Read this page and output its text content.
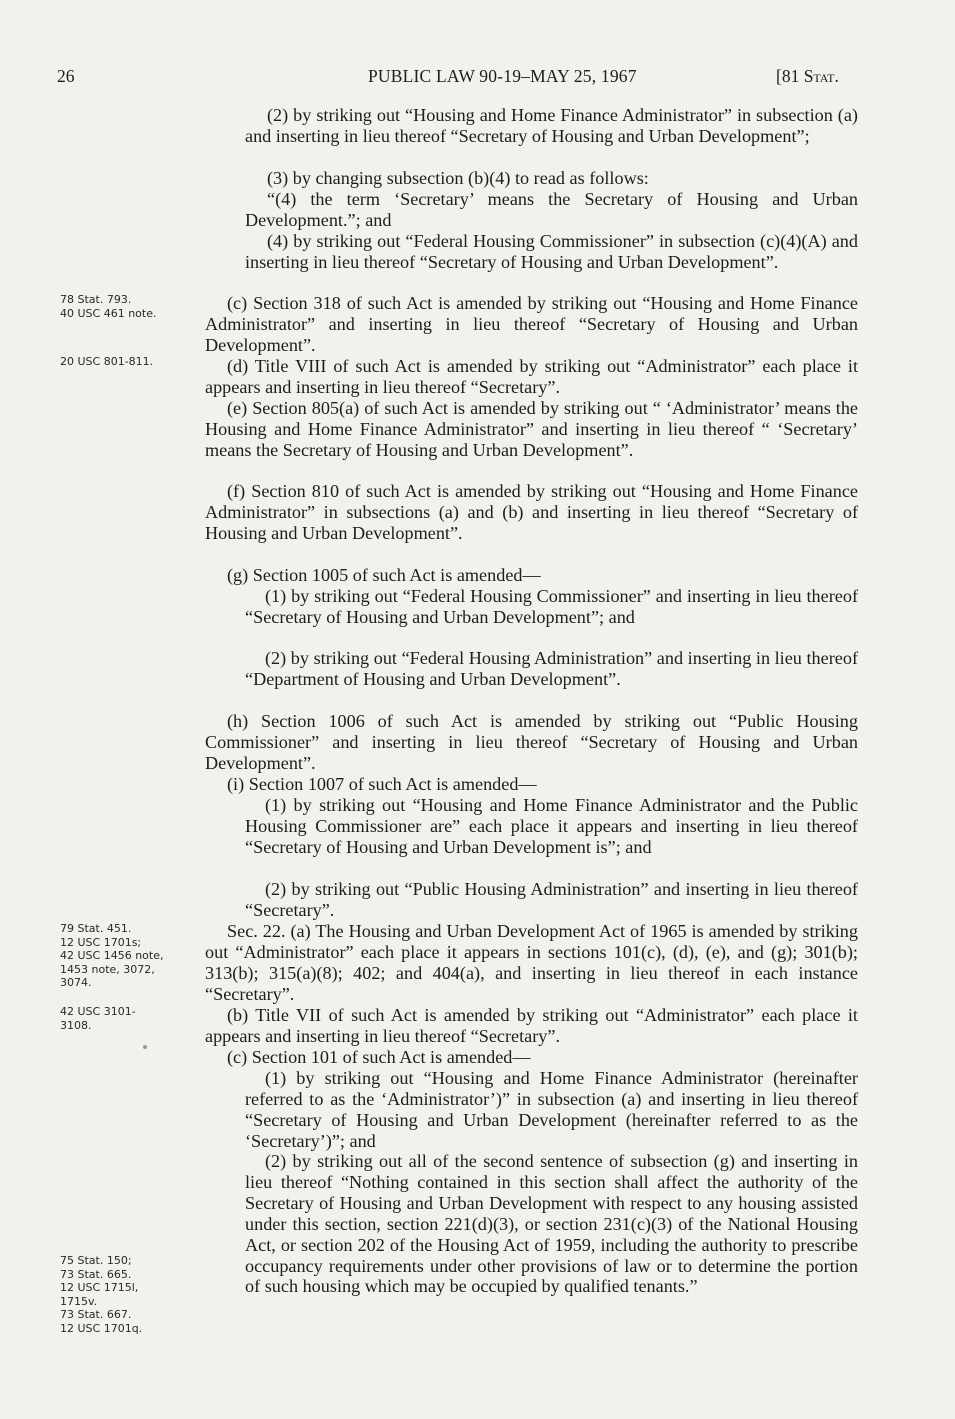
26	PUBLIC LAW 90-19–MAY 25, 1967	[81 Stat.
78 Stat. 793.
40 USC 461 note.
20 USC 801-811.
79 Stat. 451.
12 USC 1701s;
42 USC 1456 note,
1453 note, 3072,
3074.
42 USC 3101-
3108.
75 Stat. 150;
73 Stat. 665.
12 USC 1715l,
1715v.
73 Stat. 667.
12 USC 1701q.
(2) by striking out “Housing and Home Finance Administrator” in subsection (a) and inserting in lieu thereof “Secretary of Housing and Urban Development”;
(3) by changing subsection (b)(4) to read as follows:
“(4) the term ‘Secretary’ means the Secretary of Housing and Urban Development.”; and
(4) by striking out “Federal Housing Commissioner” in subsection (c)(4)(A) and inserting in lieu thereof “Secretary of Housing and Urban Development”.
(c) Section 318 of such Act is amended by striking out “Housing and Home Finance Administrator” and inserting in lieu thereof “Secretary of Housing and Urban Development”.
(d) Title VIII of such Act is amended by striking out “Administrator” each place it appears and inserting in lieu thereof “Secretary”.
(e) Section 805(a) of such Act is amended by striking out “ ‘Administrator’ means the Housing and Home Finance Administrator” and inserting in lieu thereof “ ‘Secretary’ means the Secretary of Housing and Urban Development”.
(f) Section 810 of such Act is amended by striking out “Housing and Home Finance Administrator” in subsections (a) and (b) and inserting in lieu thereof “Secretary of Housing and Urban Development”.
(g) Section 1005 of such Act is amended—
(1) by striking out “Federal Housing Commissioner” and inserting in lieu thereof “Secretary of Housing and Urban Development”; and
(2) by striking out “Federal Housing Administration” and inserting in lieu thereof “Department of Housing and Urban Development”.
(h) Section 1006 of such Act is amended by striking out “Public Housing Commissioner” and inserting in lieu thereof “Secretary of Housing and Urban Development”.
(i) Section 1007 of such Act is amended—
(1) by striking out “Housing and Home Finance Administrator and the Public Housing Commissioner are” each place it appears and inserting in lieu thereof “Secretary of Housing and Urban Development is”; and
(2) by striking out “Public Housing Administration” and inserting in lieu thereof “Secretary”.
Sec. 22. (a) The Housing and Urban Development Act of 1965 is amended by striking out “Administrator” each place it appears in sections 101(c), (d), (e), and (g); 301(b); 313(b); 315(a)(8); 402; and 404(a), and inserting in lieu thereof in each instance “Secretary”.
(b) Title VII of such Act is amended by striking out “Administrator” each place it appears and inserting in lieu thereof “Secretary”.
(c) Section 101 of such Act is amended—
(1) by striking out “Housing and Home Finance Administrator (hereinafter referred to as the ‘Administrator’)” in subsection (a) and inserting in lieu thereof “Secretary of Housing and Urban Development (hereinafter referred to as the ‘Secretary’)”; and
(2) by striking out all of the second sentence of subsection (g) and inserting in lieu thereof “Nothing contained in this section shall affect the authority of the Secretary of Housing and Urban Development with respect to any housing assisted under this section, section 221(d)(3), or section 231(c)(3) of the National Housing Act, or section 202 of the Housing Act of 1959, including the authority to prescribe occupancy requirements under other provisions of law or to determine the portion of such housing which may be occupied by qualified tenants.”
